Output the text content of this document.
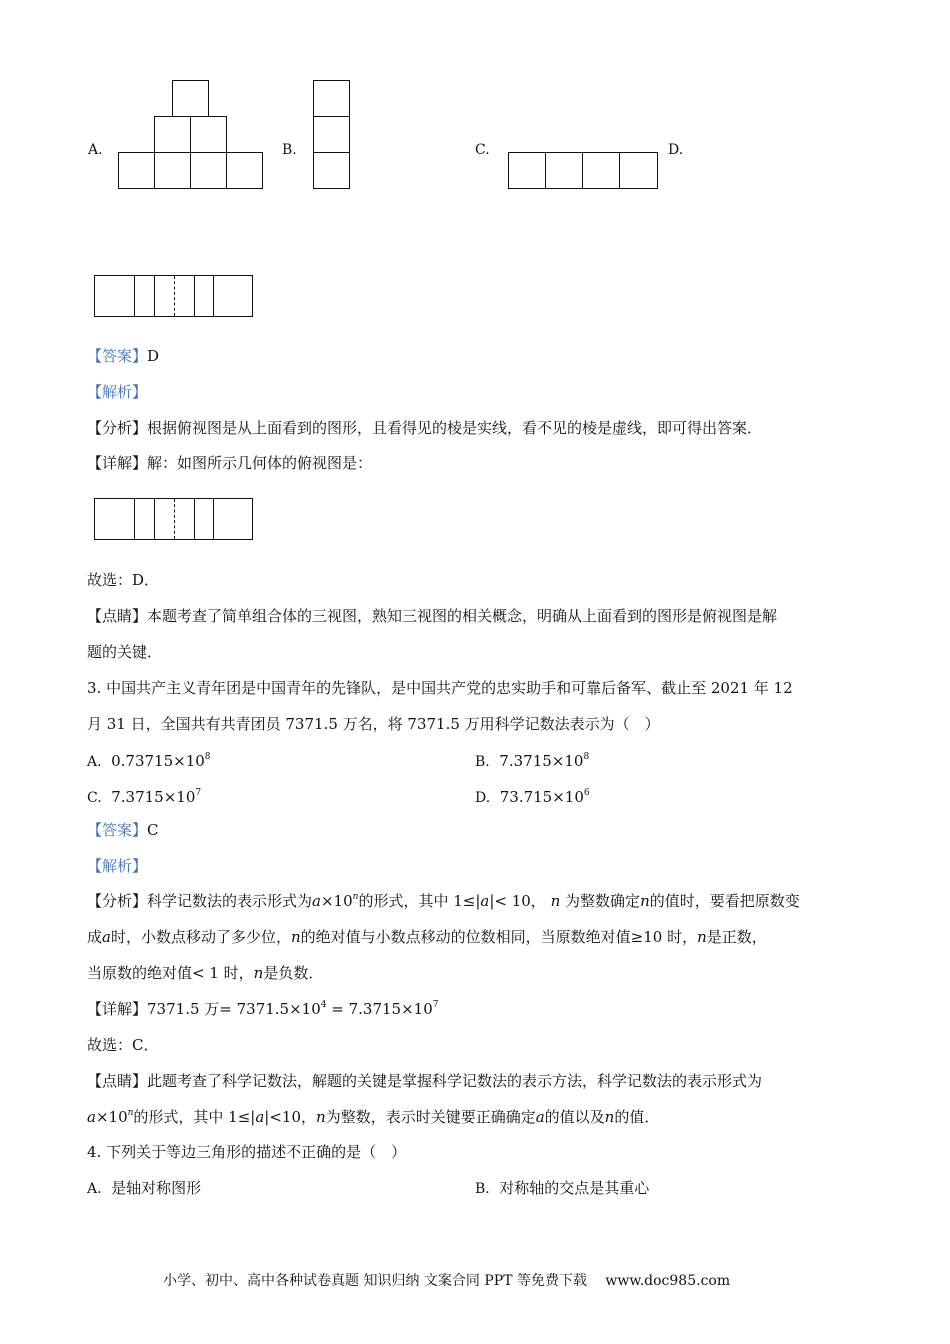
A.	B.	C.	D.
【答案】D
【解析】
【分析】根据俯视图是从上面看到的图形，且看得见的棱是实线，看不见的棱是虚线，即可得出答案．
【详解】解：如图所示几何体的俯视图是：
故选：D．
【点睛】本题考查了简单组合体的三视图，熟知三视图的相关概念，明确从上面看到的图形是俯视图是解
题的关键．
3. 中国共产主义青年团是中国青年的先锋队，是中国共产党的忠实助手和可靠后备军、截止至 2021 年 12
月 31 日，全国共有共青团员 7371.5 万名，将 7371.5 万用科学记数法表示为（　）
A. $0.73715\times 10^8$	B. $7.3715\times 10^8$
C. $7.3715\times 10^7$	D. $73.715\times 10^6$
【答案】C
【解析】
【分析】科学记数法的表示形式为$a\times 10^n$的形式，其中 1≤|a|< 10， n 为整数确定n的值时，要看把原数变
成a时，小数点移动了多少位，n的绝对值与小数点移动的位数相同，当原数绝对值≥10 时，n是正数，
当原数的绝对值< 1 时，n是负数．
【详解】7371.5 万= $7371.5\times 10^4 = 7.3715\times 10^7$
故选：C．
【点睛】此题考查了科学记数法，解题的关键是掌握科学记数法的表示方法，科学记数法的表示形式为
$a\times 10^n$的形式，其中 1≤|a|<10，n为整数，表示时关键要正确确定a的值以及n的值．
4. 下列关于等边三角形的描述不正确的是（　）
A. 是轴对称图形	B. 对称轴的交点是其重心
小学、初中、高中各种试卷真题 知识归纳 文案合同 PPT 等免费下载　 www.doc985.com
